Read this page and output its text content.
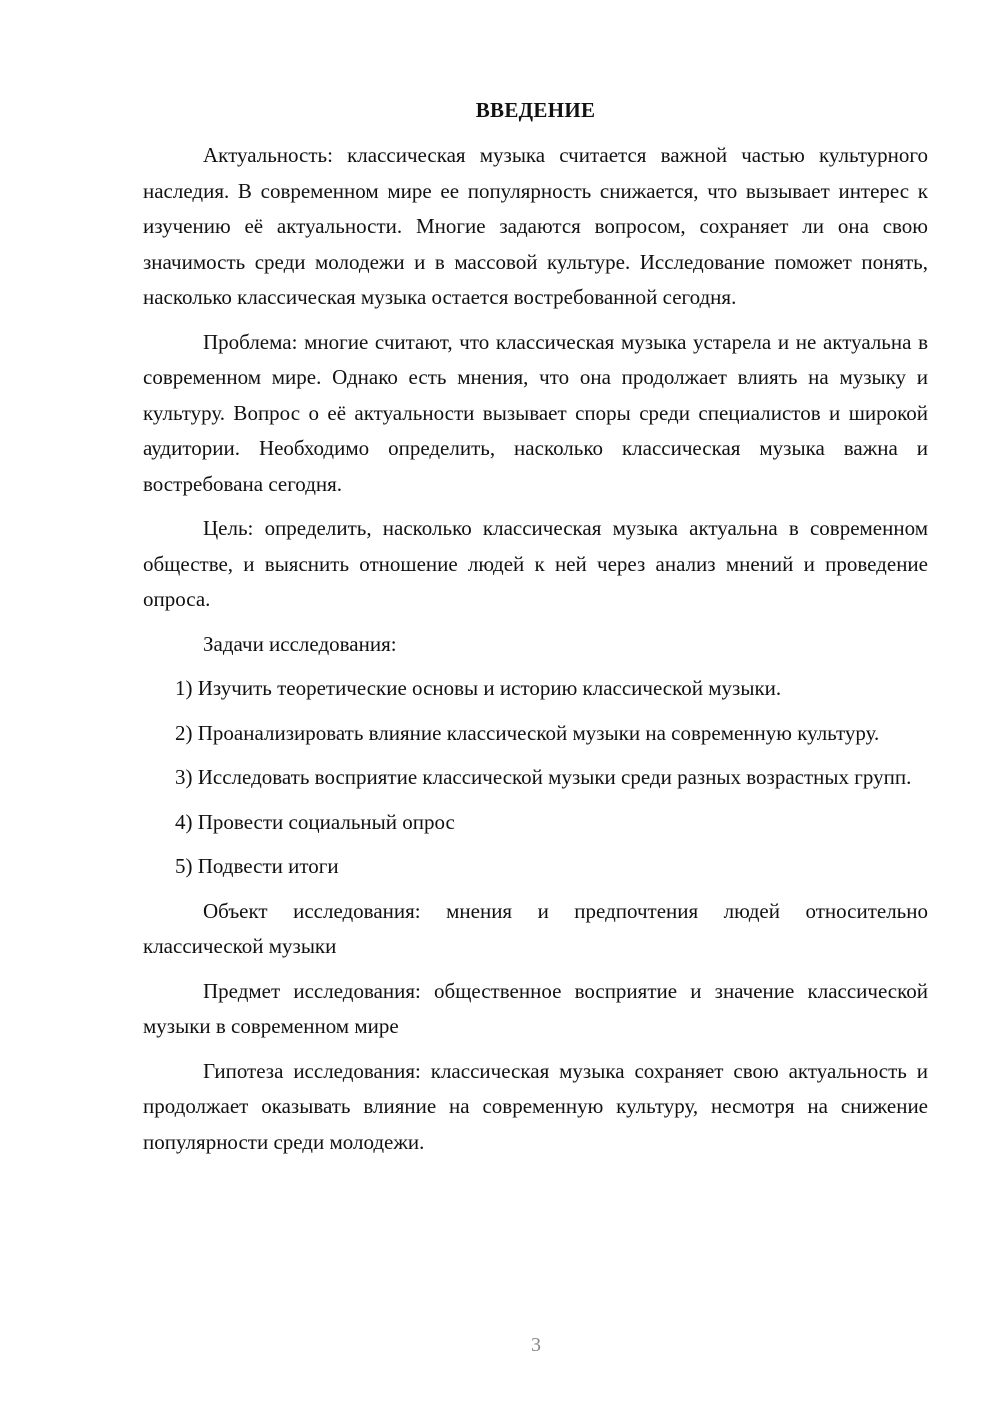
ВВЕДЕНИЕ

Актуальность: классическая музыка считается важной частью культурного наследия. В современном мире ее популярность снижается, что вызывает интерес к изучению её актуальности. Многие задаются вопросом, сохраняет ли она свою значимость среди молодежи и в массовой культуре. Исследование поможет понять, насколько классическая музыка остается востребованной сегодня.

Проблема: многие считают, что классическая музыка устарела и не актуальна в современном мире. Однако есть мнения, что она продолжает влиять на музыку и культуру. Вопрос о её актуальности вызывает споры среди специалистов и широкой аудитории. Необходимо определить, насколько классическая музыка важна и востребована сегодня.

Цель: определить, насколько классическая музыка актуальна в современном обществе, и выяснить отношение людей к ней через анализ мнений и проведение опроса.

Задачи исследования:

1) Изучить теоретические основы и историю классической музыки.

2) Проанализировать влияние классической музыки на современную культуру.

3) Исследовать восприятие классической музыки среди разных возрастных групп.

4) Провести социальный опрос

5) Подвести итоги

Объект исследования: мнения и предпочтения людей относительно классической музыки

Предмет исследования: общественное восприятие и значение классической музыки в современном мире

Гипотеза исследования: классическая музыка сохраняет свою актуальность и продолжает оказывать влияние на современную культуру, несмотря на снижение популярности среди молодежи.

3
